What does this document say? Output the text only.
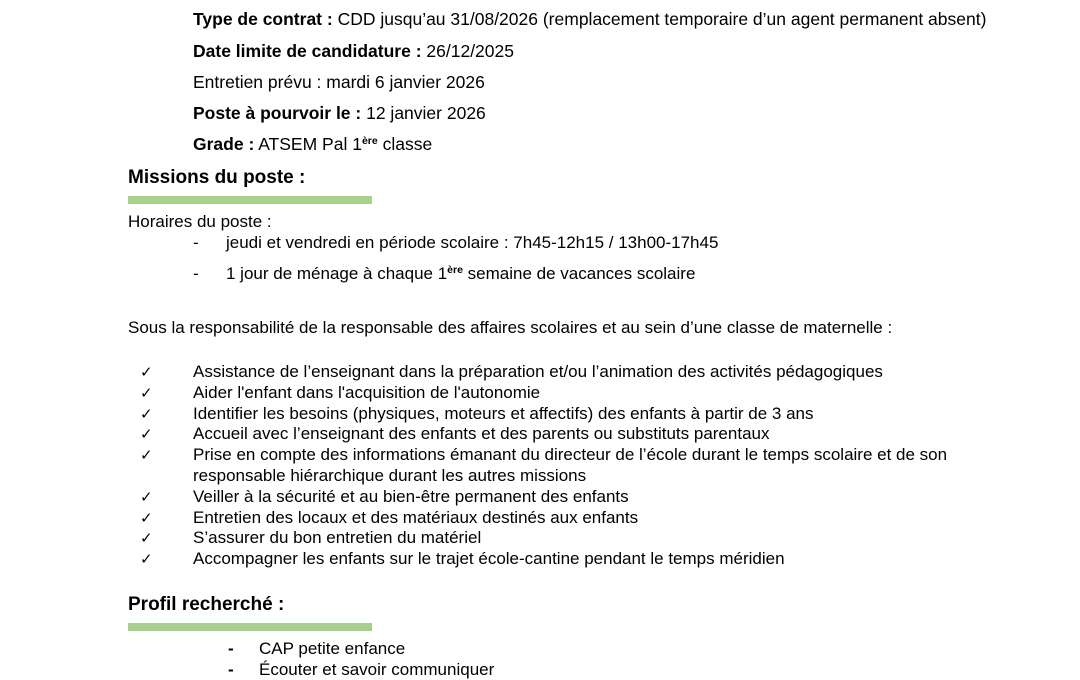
Type de contrat : CDD jusqu’au 31/08/2026 (remplacement temporaire d’un agent permanent absent)
Date limite de candidature : 26/12/2025
Entretien prévu : mardi 6 janvier 2026
Poste à pourvoir le : 12 janvier 2026
Grade : ATSEM Pal 1ère classe
Missions du poste :
Horaires du poste :
- jeudi et vendredi en période scolaire : 7h45-12h15 / 13h00-17h45
- 1 jour de ménage à chaque 1ère semaine de vacances scolaire
Sous la responsabilité de la responsable des affaires scolaires et au sein d’une classe de maternelle :
✓ Assistance de l’enseignant dans la préparation et/ou l’animation des activités pédagogiques
✓ Aider l'enfant dans l'acquisition de l'autonomie
✓ Identifier les besoins (physiques, moteurs et affectifs) des enfants à partir de 3 ans
✓ Accueil avec l’enseignant des enfants et des parents ou substituts parentaux
✓ Prise en compte des informations émanant du directeur de l’école durant le temps scolaire et de son responsable hiérarchique durant les autres missions
✓ Veiller à la sécurité et au bien-être permanent des enfants
✓ Entretien des locaux et des matériaux destinés aux enfants
✓ S’assurer du bon entretien du matériel
✓ Accompagner les enfants sur le trajet école-cantine pendant le temps méridien
Profil recherché :
- CAP petite enfance
- Écouter et savoir communiquer
